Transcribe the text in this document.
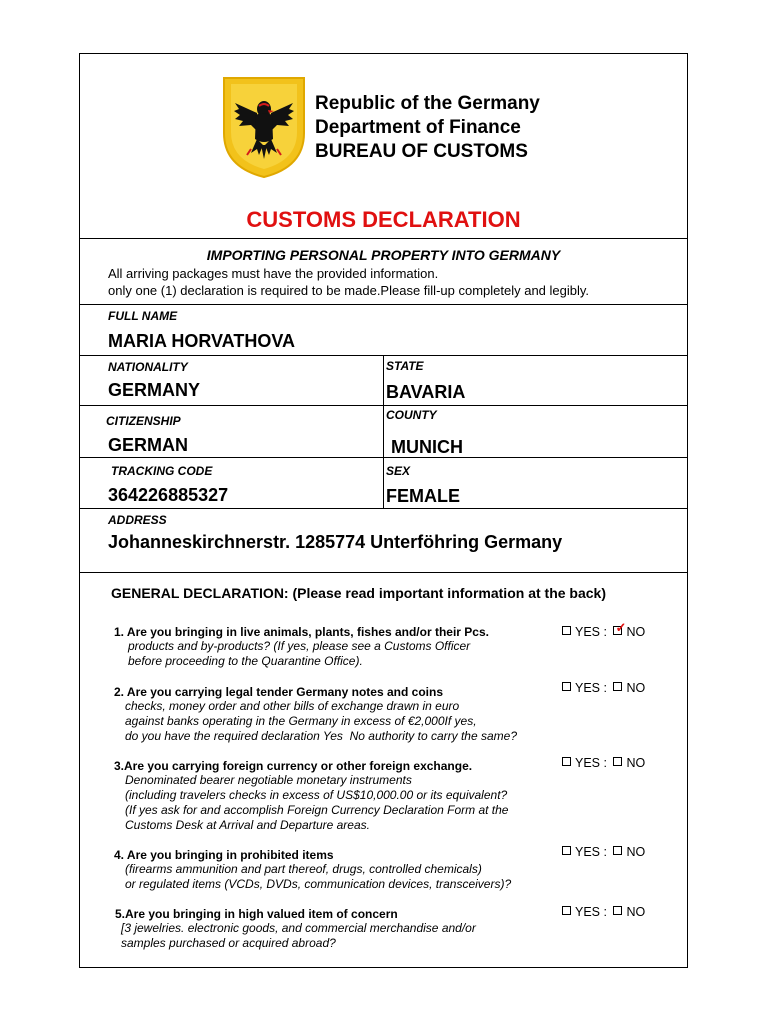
Republic of the Germany
Department of Finance
BUREAU OF CUSTOMS
CUSTOMS DECLARATION
IMPORTING PERSONAL PROPERTY INTO GERMANY
All arriving packages must have the provided information.
only one (1) declaration is required to be made.Please fill-up completely and legibly.
FULL NAME
MARIA HORVATHOVA
NATIONALITY
GERMANY
STATE
BAVARIA
CITIZENSHIP
GERMAN
COUNTY
MUNICH
TRACKING CODE
364226885327
SEX
FEMALE
ADDRESS
Johanneskirchnerstr. 1285774 Unterföhring Germany
GENERAL DECLARATION: (Please read important information at the back)
1. Are you bringing in live animals, plants, fishes and/or their Pcs.
products and by-products? (If yes, please see a Customs Officer
before proceeding to the Quarantine Office).
YES : ✓ NO
2. Are you carrying legal tender Germany notes and coins
checks, money order and other bills of exchange drawn in euro
against banks operating in the Germany in excess of €2,000If yes,
do you have the required declaration Yes  No authority to carry the same?
YES : NO
3.Are you carrying foreign currency or other foreign exchange.
Denominated bearer negotiable monetary instruments
(including travelers checks in excess of US$10,000.00 or its equivalent?
(If yes ask for and accomplish Foreign Currency Declaration Form at the
Customs Desk at Arrival and Departure areas.
YES : NO
4. Are you bringing in prohibited items
(firearms ammunition and part thereof, drugs, controlled chemicals)
or regulated items (VCDs, DVDs, communication devices, transceivers)?
YES : NO
5.Are you bringing in high valued item of concern
[3 jewelries. electronic goods, and commercial merchandise and/or
samples purchased or acquired abroad?
YES : NO
